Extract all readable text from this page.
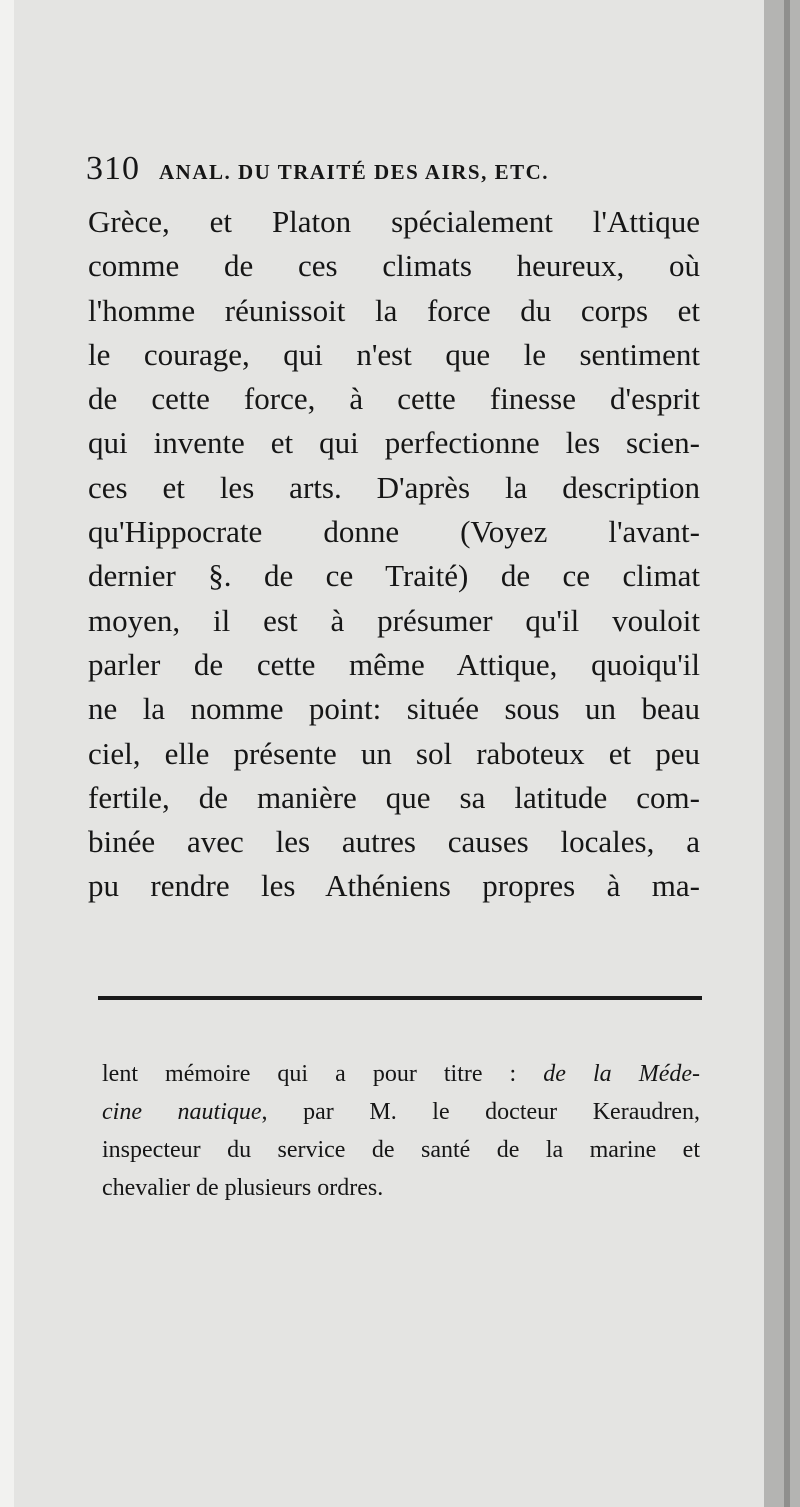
310 ANAL. DU TRAITÉ DES AIRS, ETC.
Grèce, et Platon spécialement l'Attique
comme de ces climats heureux, où
l'homme réunissoit la force du corps et
le courage, qui n'est que le sentiment
de cette force, à cette finesse d'esprit
qui invente et qui perfectionne les scien-
ces et les arts. D'après la description
qu'Hippocrate donne (Voyez l'avant-
dernier §. de ce Traité) de ce climat
moyen, il est à présumer qu'il vouloit
parler de cette même Attique, quoiqu'il
ne la nomme point: située sous un beau
ciel, elle présente un sol raboteux et peu
fertile, de manière que sa latitude com-
binée avec les autres causes locales, a
pu rendre les Athéniens propres à ma-
lent mémoire qui a pour titre : de la Méde-
cine nautique, par M. le docteur Keraudren,
inspecteur du service de santé de la marine et
chevalier de plusieurs ordres.
